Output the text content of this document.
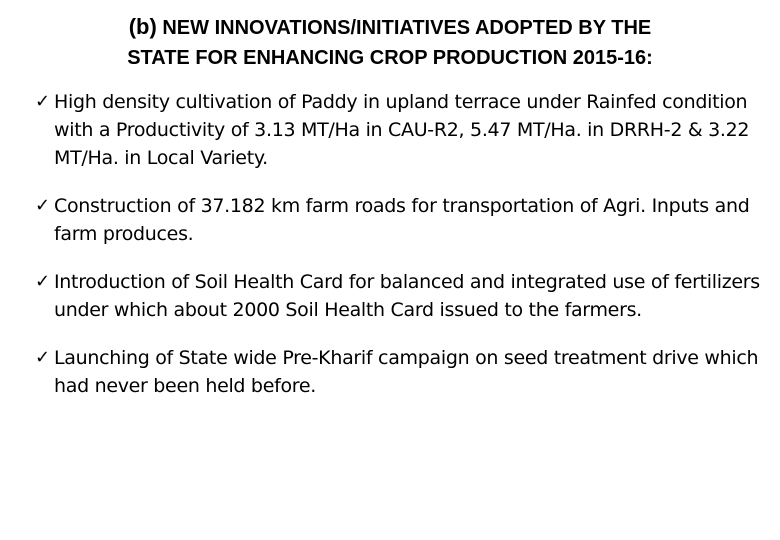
(b) NEW INNOVATIONS/INITIATIVES ADOPTED BY THE
STATE FOR ENHANCING CROP PRODUCTION 2015-16:
✓ High density cultivation of Paddy in upland terrace under Rainfed condition with a Productivity of 3.13 MT/Ha in CAU-R2, 5.47 MT/Ha. in DRRH-2 & 3.22 MT/Ha. in Local Variety.
✓ Construction of 37.182 km farm roads for transportation of Agri. Inputs and farm produces.
✓ Introduction of Soil Health Card for balanced and integrated use of fertilizers under which about 2000 Soil Health Card issued to the farmers.
✓ Launching of State wide Pre-Kharif campaign on seed treatment drive which had never been held before.
